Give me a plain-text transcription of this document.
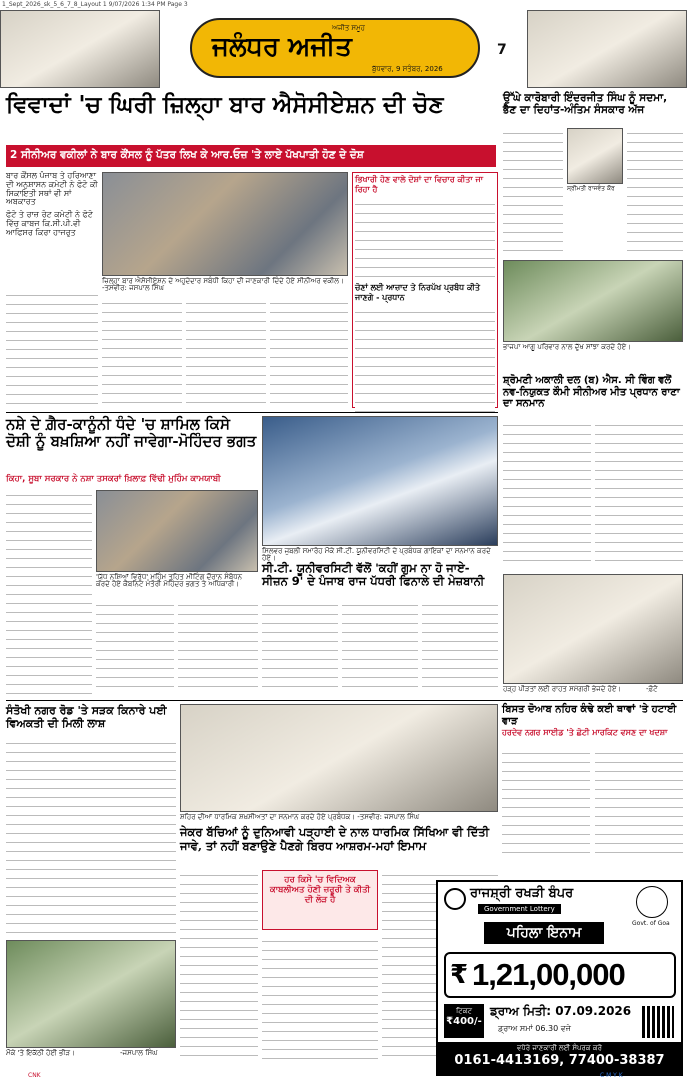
1_Sept_2026_sk_5_6_7_8_Layout 1 9/07/2026 1:34 PM Page 3
ਅਜੀਤ ਸਮੂਹ
ਜਲੰਧਰ ਅਜੀਤ
ਬੁੱਧਵਾਰ, 9 ਸਤੰਬਰ, 2026
7
ਵਿਵਾਦਾਂ 'ਚ ਘਿਰੀ ਜ਼ਿਲ੍ਹਾ ਬਾਰ ਐਸੋਸੀਏਸ਼ਨ ਦੀ ਚੋਣ
2 ਸੀਨੀਅਰ ਵਕੀਲਾਂ ਨੇ ਬਾਰ ਕੌਂਸਲ ਨੂੰ ਪੱਤਰ ਲਿਖ ਕੇ ਆਰ.ਓਜ਼ 'ਤੇ ਲਾਏ ਪੱਖਪਾਤੀ ਹੋਣ ਦੇ ਦੋਸ਼
ਬਾਰ ਕੌਂਸਲ ਪੰਜਾਬ ਤੇ ਹਰਿਆਣਾ ਦੀ ਅਨੁਸ਼ਾਸਨ ਕਮੇਟੀ ਨੇ ਫੋਟੋ ਕੀ ਸਿਕਾਇਤੀ ਸਥਾਂ ਵੀ ਸਾਂ ਅਬਕਾਰਤ
ਫੋਟੋ ਤੇ ਰਾਜ਼ ਰੋਟ ਕਮੇਟੀ ਨੇ ਫੋਟੋ ਵਿੱਚ ਕਾਬਜ ਕਿ.ਸੀ.ਪੀ.ਵੀ ਆਫਿਸਰ ਕਿਰਾ ਹਾਜਰੁਤ
ਜ਼ਿਲ੍ਹਾ ਬਾਰ ਐਸੋਸੀਏਸ਼ਨ ਦੇ ਅਹੁਦੇਦਾਰ ਸਬੰਧੀ ਕਿਹਾ ਦੀ ਜਾਣਕਾਰੀ ਦਿੰਦੇ ਹੋਏ ਸੀਨੀਅਰ ਵਕੀਲ। -ਤਸਵੀਰ: ਜਸਪਾਲ ਸਿੰਘ
ਭਿਖਾਰੀ ਹੋਣ ਵਾਲੇ ਦੋਸ਼ਾਂ ਦਾ ਵਿਚਾਰ ਕੀਤਾ ਜਾ ਰਿਹਾ ਹੈ
ਚੋਣਾਂ ਲਈ ਆਜ਼ਾਦ ਤੇ ਨਿਰਪੱਖ ਪ੍ਰਬੰਧ ਕੀਤੇ ਜਾਣਗੇ - ਪ੍ਰਧਾਨ
ਉੱਘੇ ਕਾਰੋਬਾਰੀ ਇੰਦਰਜੀਤ ਸਿੰਘ ਨੂੰ ਸਦਮਾ, ਭੈਣ ਦਾ ਦਿਹਾਂਤ-ਅੰਤਿਮ ਸੰਸਕਾਰ ਅੱਜ
ਸ੍ਰੀਮਤੀ ਰਾਜਵੰਤ ਕੌਰ
ਭਾਜਪਾ ਆਗੂ ਪਰਿਵਾਰ ਨਾਲ ਦੁੱਖ ਸਾਂਝਾ ਕਰਦੇ ਹੋਏ।
ਸ਼੍ਰੋਮਣੀ ਅਕਾਲੀ ਦਲ (ਬ) ਐਸ. ਸੀ ਵਿੰਗ ਵਲੋਂ ਨਵ-ਨਿਯੁਕਤ ਕੌਮੀ ਸੀਨੀਅਰ ਮੀਤ ਪ੍ਰਧਾਨ ਰਾਣਾ ਦਾ ਸਨਮਾਨ
ਹੜ੍ਹ ਪੀੜਤਾਂ ਲਈ ਰਾਹਤ ਸਮੱਗਰੀ ਭੇਜਦੇ ਹੋਏ।	-ਫ਼ੋਟੋ
ਨਸ਼ੇ ਦੇ ਗ਼ੈਰ-ਕਾਨੂੰਨੀ ਧੰਦੇ 'ਚ ਸ਼ਾਮਿਲ ਕਿਸੇ ਦੋਸ਼ੀ ਨੂੰ ਬਖ਼ਸ਼ਿਆ ਨਹੀਂ ਜਾਵੇਗਾ-ਮੋਹਿੰਦਰ ਭਗਤ
ਕਿਹਾ, ਸੂਬਾ ਸਰਕਾਰ ਨੇ ਨਸ਼ਾ ਤਸਕਰਾਂ ਖ਼ਿਲਾਫ਼ ਵਿੱਢੀ ਮੁਹਿੰਮ ਕਾਮਯਾਬੀ
'ਯੁੱਧ ਨਸ਼ਿਆਂ ਵਿਰੁੱਧ' ਮੁਹਿੰਮ ਤਹਿਤ ਮੀਟਿੰਗ ਦੌਰਾਨ ਸੰਬੋਧਨ ਕਰਦੇ ਹੋਏ ਕੈਬਨਿਟ ਮੰਤਰੀ ਮੋਹਿੰਦਰ ਭਗਤ ਤੇ ਅਧਿਕਾਰੀ।
ਸਿਲਵਰ ਜੁਬਲੀ ਸਮਾਰੋਹ ਮੌਕੇ ਸੀ.ਟੀ. ਯੂਨੀਵਰਸਿਟੀ ਦੇ ਪ੍ਰਬੰਧਕ ਗਾਇਕਾਂ ਦਾ ਸਨਮਾਨ ਕਰਦੇ ਹੋਏ।
ਸੀ.ਟੀ. ਯੂਨੀਵਰਸਿਟੀ ਵੱਲੋਂ 'ਕਹੀਂ ਗੁਮ ਨਾ ਹੋ ਜਾਏ- ਸੀਜ਼ਨ 9' ਦੇ ਪੰਜਾਬ ਰਾਜ ਪੱਧਰੀ ਫਿਨਾਲੇ ਦੀ ਮੇਜ਼ਬਾਨੀ
ਸੰਤੋਖੀ ਨਗਰ ਰੋਡ 'ਤੇ ਸੜਕ ਕਿਨਾਰੇ ਪਈ ਵਿਅਕਤੀ ਦੀ ਮਿਲੀ ਲਾਸ਼
ਮੌਕੇ 'ਤੇ ਇਕੱਠੀ ਹੋਈ ਭੀੜ।	-ਜਸਪਾਲ ਸਿੰਘ
ਸ਼ਹਿਰ ਦੀਆਂ ਧਾਰਮਿਕ ਸ਼ਖ਼ਸੀਅਤਾਂ ਦਾ ਸਨਮਾਨ ਕਰਦੇ ਹੋਏ ਪ੍ਰਬੰਧਕ। -ਤਸਵੀਰ: ਜਸਪਾਲ ਸਿੰਘ
ਜੇਕਰ ਬੱਚਿਆਂ ਨੂੰ ਦੁਨਿਆਵੀ ਪੜ੍ਹਾਈ ਦੇ ਨਾਲ ਧਾਰਮਿਕ ਸਿੱਖਿਆ ਵੀ ਦਿੱਤੀ ਜਾਵੇ, ਤਾਂ ਨਹੀਂ ਬਣਾਉਣੇ ਪੈਣਗੇ ਬਿਰਧ ਆਸ਼ਰਮ-ਮਹਾਂ ਇਮਾਮ
ਹਰ ਕਿਸੇ 'ਚ ਵਿਦਿਅਕ ਕਾਬਲੀਅਤ ਹੋਣੀ ਜ਼ਰੂਰੀ ਤੇ ਕੀਤੀ ਦੀ ਲੋੜ ਹੈ
ਬਿਸਤ ਦੋਆਬ ਨਹਿਰ ਕੰਢੇ ਕਈ ਥਾਵਾਂ 'ਤੇ ਹਟਾਈ ਵਾੜ
ਹਰਦੇਵ ਨਗਰ ਸਾਈਡ 'ਤੇ ਛੋਟੀ ਮਾਰਕਿਟ ਵਸਣ ਦਾ ਖਦਸ਼ਾ
ਰਾਜਸ਼੍ਰੀ ਰਖੜੀ ਬੰਪਰ
Government Lottery
Govt. of Goa
ਪਹਿਲਾ ਇਨਾਮ
₹ 1,21,00,000
ਟਿਕਟ
₹400/-
ਡ੍ਰਾਅ ਮਿਤੀ: 07.09.2026
ਡ੍ਰਾਅ ਸਮਾਂ 06.30 ਵਜੇ
ਵਧੇਰੇ ਜਾਣਕਾਰੀ ਲਈ ਸੰਪਰਕ ਕਰੋ
0161-4413169, 77400-38387
CNK	C M Y K
